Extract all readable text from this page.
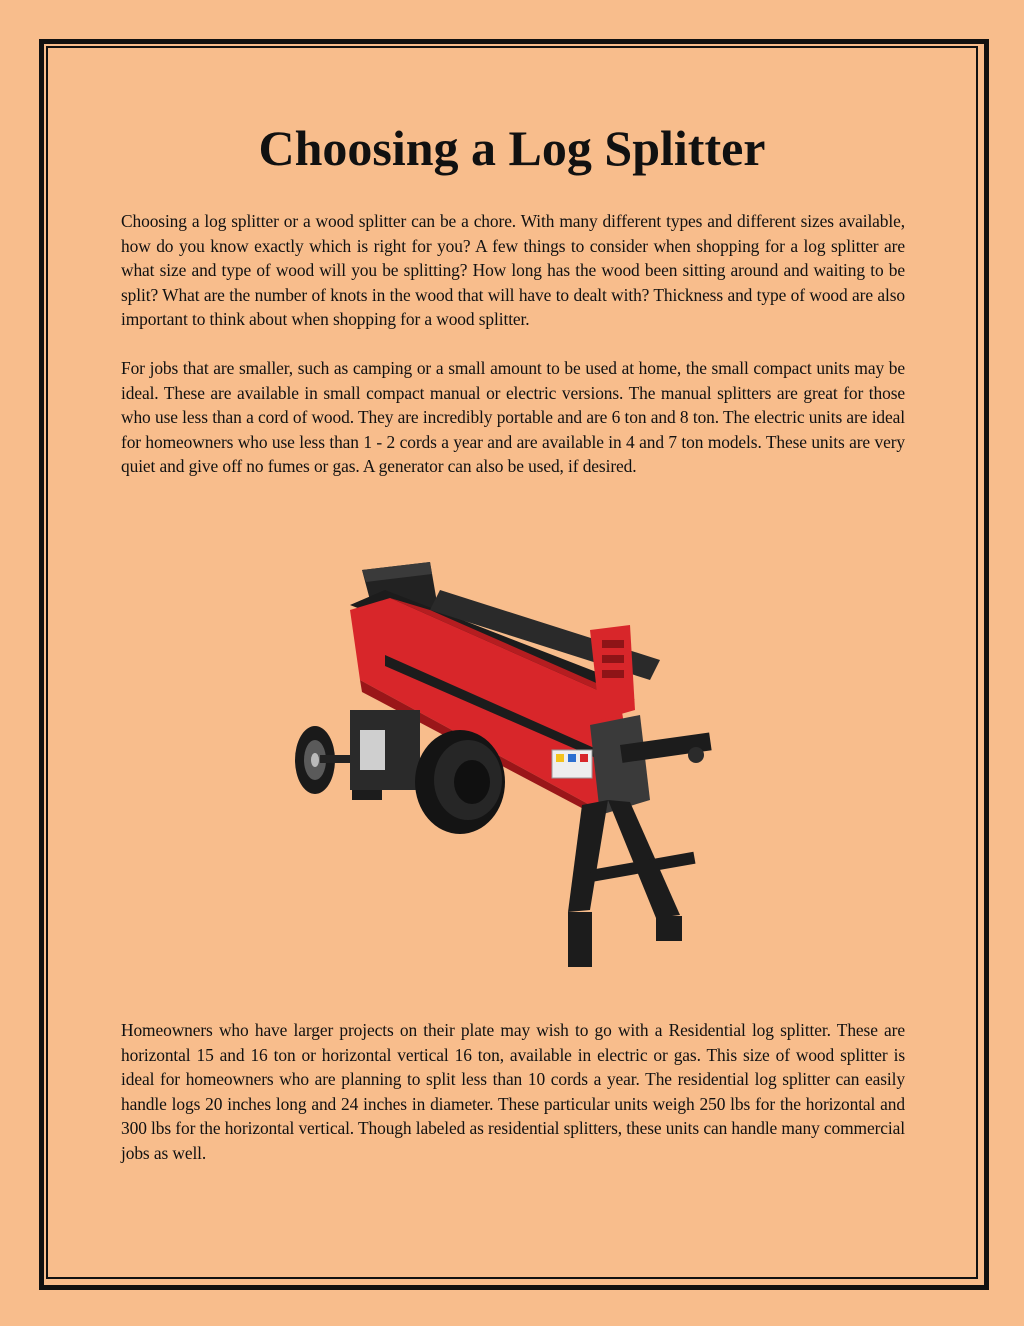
Choosing a Log Splitter

Choosing a log splitter or a wood splitter can be a chore. With many different types and different sizes available, how do you know exactly which is right for you? A few things to consider when shopping for a log splitter are what size and type of wood will you be splitting? How long has the wood been sitting around and waiting to be split? What are the number of knots in the wood that will have to dealt with? Thickness and type of wood are also important to think about when shopping for a wood splitter.

For jobs that are smaller, such as camping or a small amount to be used at home, the small compact units may be ideal. These are available in small compact manual or electric versions. The manual splitters are great for those who use less than a cord of wood. They are incredibly portable and are 6 ton and 8 ton. The electric units are ideal for homeowners who use less than 1 - 2 cords a year and are available in 4 and 7 ton models. These units are very quiet and give off no fumes or gas. A generator can also be used, if desired.

Homeowners who have larger projects on their plate may wish to go with a Residential log splitter. These are horizontal 15 and 16 ton or horizontal vertical 16 ton, available in electric or gas. This size of wood splitter is ideal for homeowners who are planning to split less than 10 cords a year. The residential log splitter can easily handle logs 20 inches long and 24 inches in diameter. These particular units weigh 250 lbs for the horizontal and 300 lbs for the horizontal vertical. Though labeled as residential splitters, these units can handle many commercial jobs as well.
